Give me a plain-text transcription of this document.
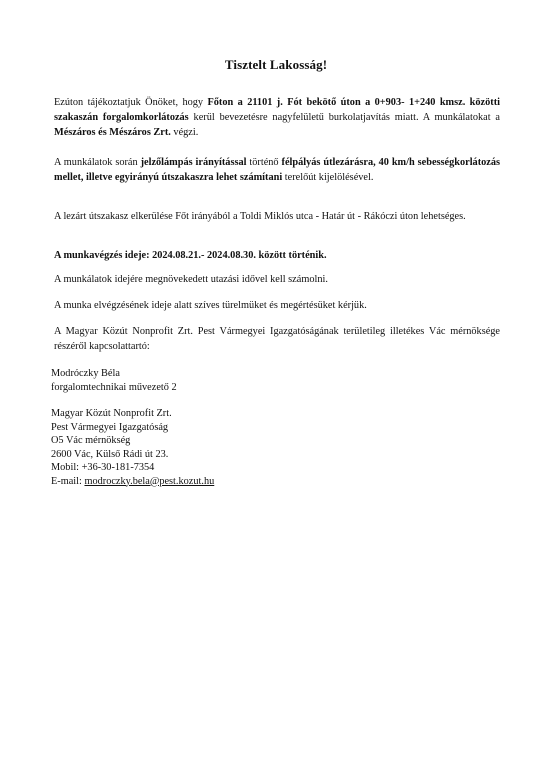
Tisztelt Lakosság!
Ezúton tájékoztatjuk Önöket, hogy Főton a 21101 j. Fót bekötő úton a 0+903- 1+240 kmsz. közötti szakaszán forgalomkorlátozás kerül bevezetésre nagyfelületű burkolatjavítás miatt. A munkálatokat a Mészáros és Mészáros Zrt. végzi.
A munkálatok során jelzőlámpás irányítással történő félpályás útlezárásra, 40 km/h sebességkorlátozás mellet, illetve egyirányú útszakaszra lehet számítani terelőút kijelölésével.
A lezárt útszakasz elkerülése Főt irányából a Toldi Miklós utca - Határ út - Rákóczi úton lehetséges.
A munkavégzés ideje: 2024.08.21.- 2024.08.30. között történik.
A munkálatok idejére megnövekedett utazási idővel kell számolni.
A munka elvégzésének ideje alatt szíves türelmüket és megértésüket kérjük.
A Magyar Közút Nonprofit Zrt. Pest Vármegyei Igazgatóságának területileg illetékes Vác mérnöksége részéről kapcsolattartó:
Modróczky Béla
forgalomtechnikai művezető 2
Magyar Közút Nonprofit Zrt.
Pest Vármegyei Igazgatóság
O5 Vác mérnökség
2600 Vác, Külső Rádi út 23.
Mobil: +36-30-181-7354
E-mail: modroczky.bela@pest.kozut.hu
